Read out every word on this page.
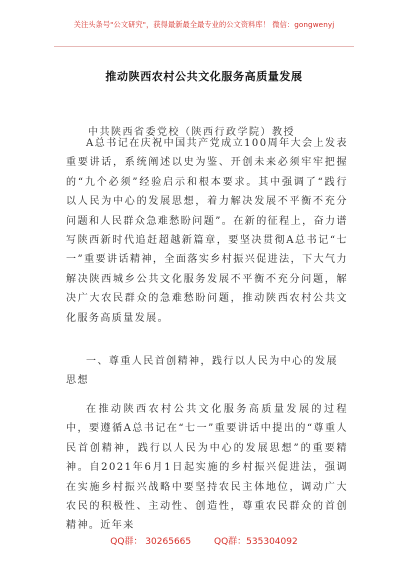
关注头条号"公文研究"，获得最新最全最专业的公文资料库！ 微信：gongwenyj
推动陕西农村公共文化服务高质量发展
中共陕西省委党校（陕西行政学院）教授
A总书记在庆祝中国共产党成立100周年大会上发表重要讲话，系统阐述以史为鉴、开创未来必须牢牢把握的“九个必须”经验启示和根本要求。其中强调了“践行以人民为中心的发展思想，着力解决发展不平衡不充分问题和人民群众急难愁盼问题”。在新的征程上，奋力谱写陕西新时代追赶超越新篇章，要坚决贯彻A总书记“七一”重要讲话精神，全面落实乡村振兴促进法，下大气力解决陕西城乡公共文化服务发展不平衡不充分问题，解决广大农民群众的急难愁盼问题，推动陕西农村公共文化服务高质量发展。
一、尊重人民首创精神，践行以人民为中心的发展思想
在推动陕西农村公共文化服务高质量发展的过程中，要遵循A总书记在“七一”重要讲话中提出的“尊重人民首创精神，践行以人民为中心的发展思想”的重要精神。自2021年6月1日起实施的乡村振兴促进法，强调在实施乡村振兴战略中要坚持农民主体地位，调动广大农民的积极性、主动性、创造性，尊重农民群众的首创精神。近年来
QQ群： 30265665	QQ群：535304092
